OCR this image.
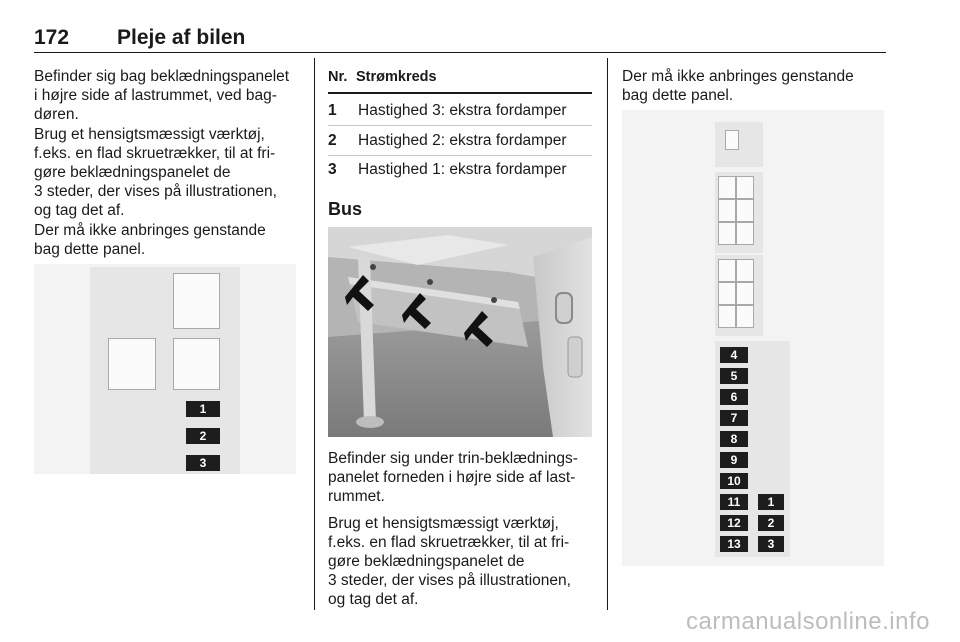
172 Pleje af bilen

Befinder sig bag beklædningspanelet
i højre side af lastrummet, ved bag-
døren.

Brug et hensigtsmæssigt værktøj,
f.eks. en flad skruetrækker, til at fri-
gøre beklædningspanelet de
3 steder, der vises på illustrationen,
og tag det af.

Der må ikke anbringes genstande
bag dette panel.

1
2
3
Nr. Strømkreds
1 Hastighed 3: ekstra fordamper
2 Hastighed 2: ekstra fordamper
3 Hastighed 1: ekstra fordamper
Bus

Befinder sig under trin-beklædnings-
panelet forneden i højre side af last-
rummet.

Brug et hensigtsmæssigt værktøj,
f.eks. en flad skruetrækker, til at fri-
gøre beklædningspanelet de
3 steder, der vises på illustrationen,
og tag det af.

Der må ikke anbringes genstande
bag dette panel.

4
5
6
7
8
9
10
11
12
13
1
2
3
carmanualsonline.info
